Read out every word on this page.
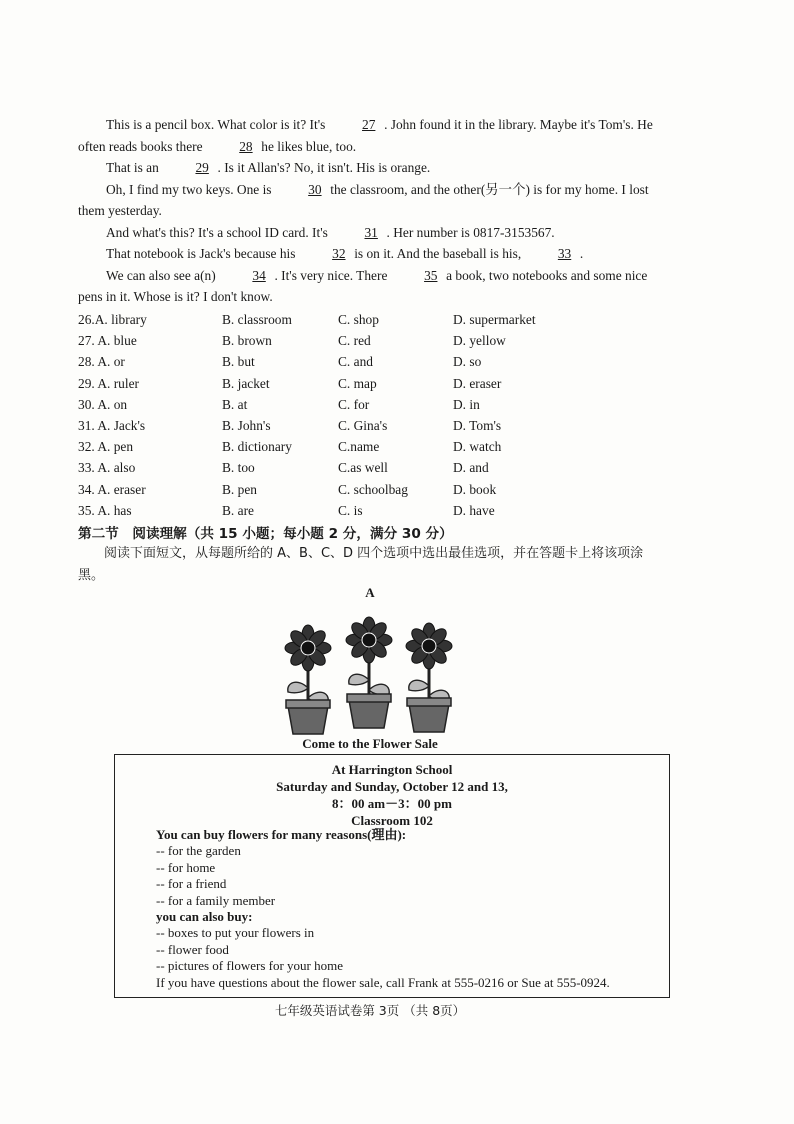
This is a pencil box. What color is it? It's	27 . John found it in the library. Maybe it's Tom's. He often reads books there	28 he likes blue, too.

That is an	29 . Is it Allan's? No, it isn't. His is orange.

Oh, I find my two keys. One is	30 the classroom, and the other(另一个) is for my home. I lost them yesterday.

And what's this? It's a school ID card. It's	31 . Her number is 0817-3153567.

That notebook is Jack's because his	32 is on it. And the baseball is his,	33 .

We can also see a(n)	34 . It's very nice. There	35 a book, two notebooks and some nice pens in it. Whose is it? I don't know.

26.A. library	B. classroom	C. shop	D. supermarket
27. A. blue	B. brown	C. red	D. yellow
28. A. or	B. but	C. and	D. so
29. A. ruler	B. jacket	C. map	D. eraser
30. A. on	B. at	C. for	D. in
31. A. Jack's	B. John's	C. Gina's	D. Tom's
32. A. pen	B. dictionary	C.name	D. watch
33. A. also	B. too	C.as well	D. and
34. A. eraser	B. pen	C. schoolbag	D. book
35. A. has	B. are	C. is	D. have
第二节　阅读理解（共 15 小题；每小题 2 分，满分 30 分）
阅读下面短文，从每题所给的 A、B、C、D 四个选项中选出最佳选项，并在答题卡上将该项涂黑。
A
Come to the Flower Sale
At Harrington School
Saturday and Sunday, October 12 and 13,
8：00 am－3：00 pm
Classroom 102
You can buy flowers for many reasons(理由):
-- for the garden
-- for home
-- for a friend
-- for a family member
you can also buy:
-- boxes to put your flowers in
-- flower food
-- pictures of flowers for your home
If you have questions about the flower sale, call Frank at 555-0216 or Sue at 555-0924.
七年级英语试卷第 3页 （共 8页）
